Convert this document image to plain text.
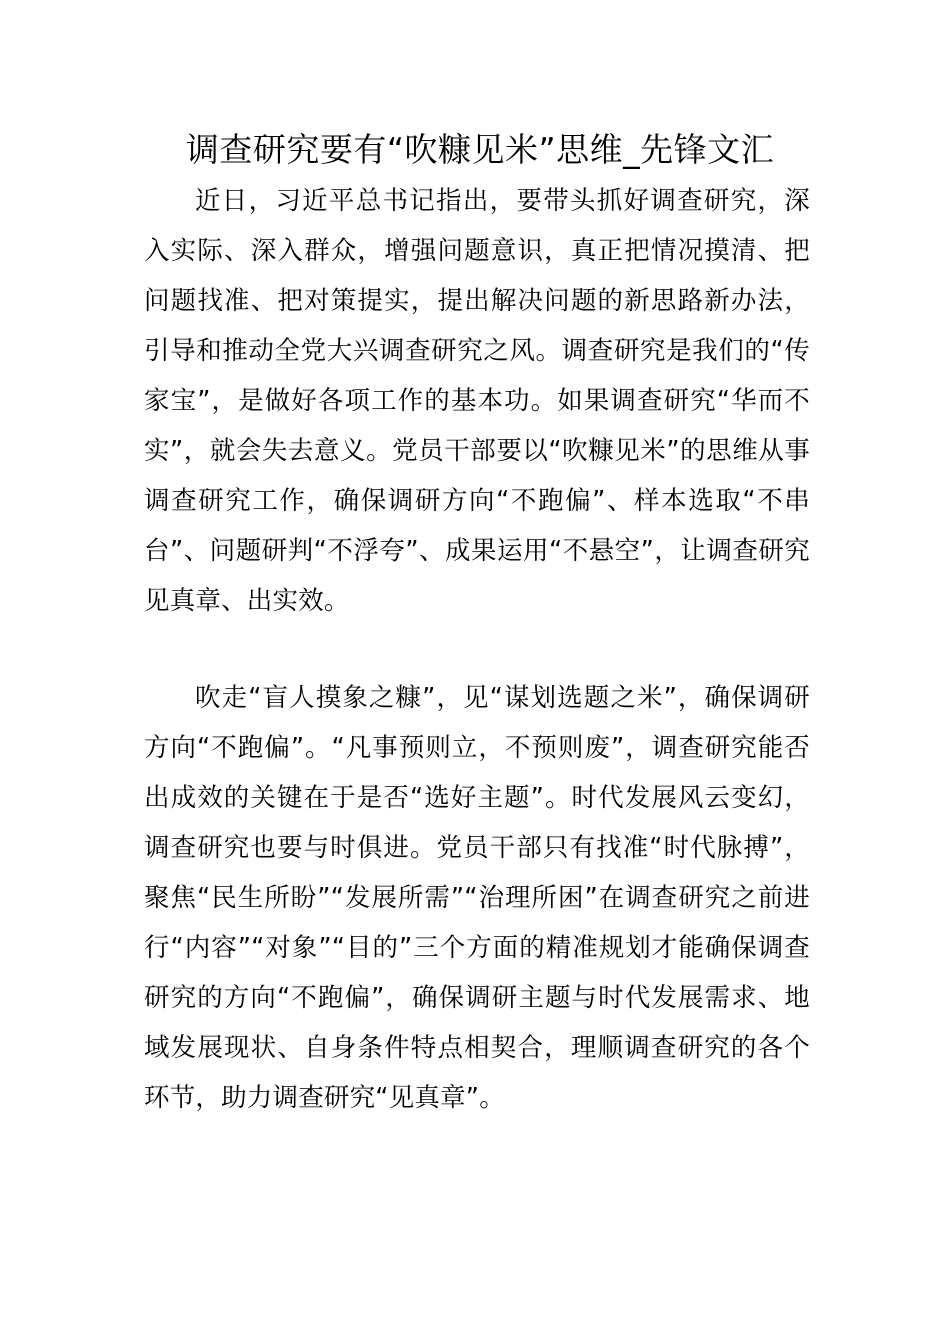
调查研究要有“吹糠见米”思维_先锋文汇

近日，习近平总书记指出，要带头抓好调查研究，深入实际、深入群众，增强问题意识，真正把情况摸清、把问题找准、把对策提实，提出解决问题的新思路新办法，引导和推动全党大兴调查研究之风。调查研究是我们的“传家宝”，是做好各项工作的基本功。如果调查研究“华而不实”，就会失去意义。党员干部要以“吹糠见米”的思维从事调查研究工作，确保调研方向“不跑偏”、样本选取“不串台”、问题研判“不浮夸”、成果运用“不悬空”，让调查研究见真章、出实效。

吹走“盲人摸象之糠”，见“谋划选题之米”，确保调研方向“不跑偏”。“凡事预则立，不预则废”，调查研究能否出成效的关键在于是否“选好主题”。时代发展风云变幻，调查研究也要与时俱进。党员干部只有找准“时代脉搏”，聚焦“民生所盼”“发展所需”“治理所困”在调查研究之前进行“内容”“对象”“目的”三个方面的精准规划才能确保调查研究的方向“不跑偏”，确保调研主题与时代发展需求、地域发展现状、自身条件特点相契合，理顺调查研究的各个环节，助力调查研究“见真章”。
